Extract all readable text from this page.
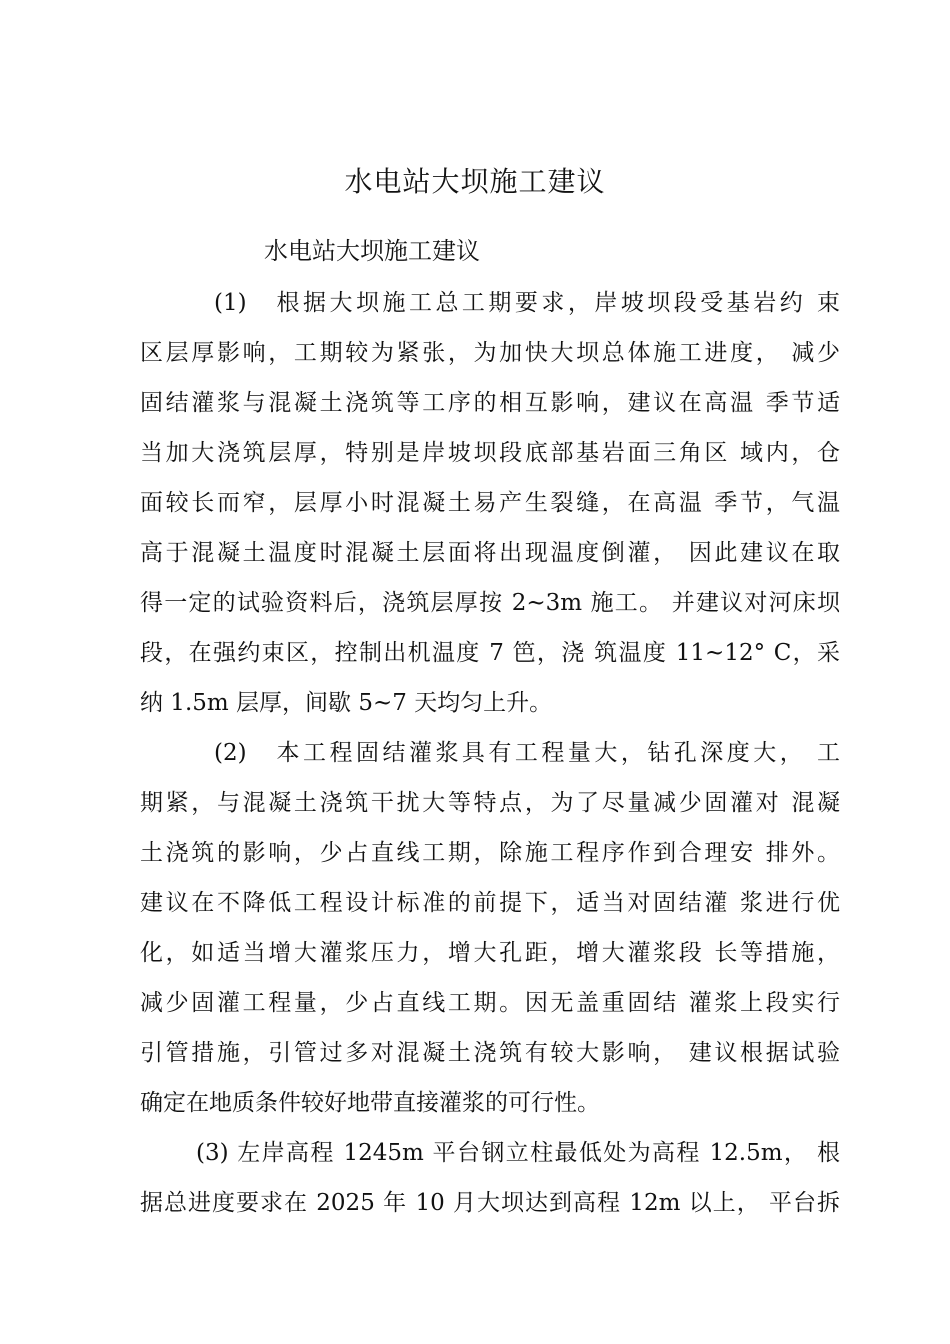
水电站大坝施工建议
水电站大坝施工建议
(1)　根据大坝施工总工期要求，岸坡坝段受基岩约 束
区层厚影响，工期较为紧张，为加快大坝总体施工进度， 减少
固结灌浆与混凝土浇筑等工序的相互影响，建议在高温 季节适
当加大浇筑层厚，特别是岸坡坝段底部基岩面三角区 域内，仓
面较长而窄，层厚小时混凝土易产生裂缝，在高温 季节，气温
高于混凝土温度时混凝土层面将出现温度倒灌， 因此建议在取
得一定的试验资料后，浇筑层厚按 2~3m 施工。 并建议对河床坝
段，在强约束区，控制出机温度 7 笆，浇 筑温度 11~12° C，采
纳 1.5m 层厚，间歇 5~7 天均匀上升。
(2)　本工程固结灌浆具有工程量大，钻孔深度大， 工
期紧，与混凝土浇筑干扰大等特点，为了尽量减少固灌对 混凝
土浇筑的影响，少占直线工期，除施工程序作到合理安 排外。
建议在不降低工程设计标准的前提下，适当对固结灌 浆进行优
化，如适当增大灌浆压力，增大孔距，增大灌浆段 长等措施，
减少固灌工程量，少占直线工期。因无盖重固结 灌浆上段实行
引管措施，引管过多对混凝土浇筑有较大影响， 建议根据试验
确定在地质条件较好地带直接灌浆的可行性。
(3) 左岸高程 1245m 平台钢立柱最低处为高程 12.5m， 根
据总进度要求在 2025 年 10 月大坝达到高程 12m 以上， 平台拆
